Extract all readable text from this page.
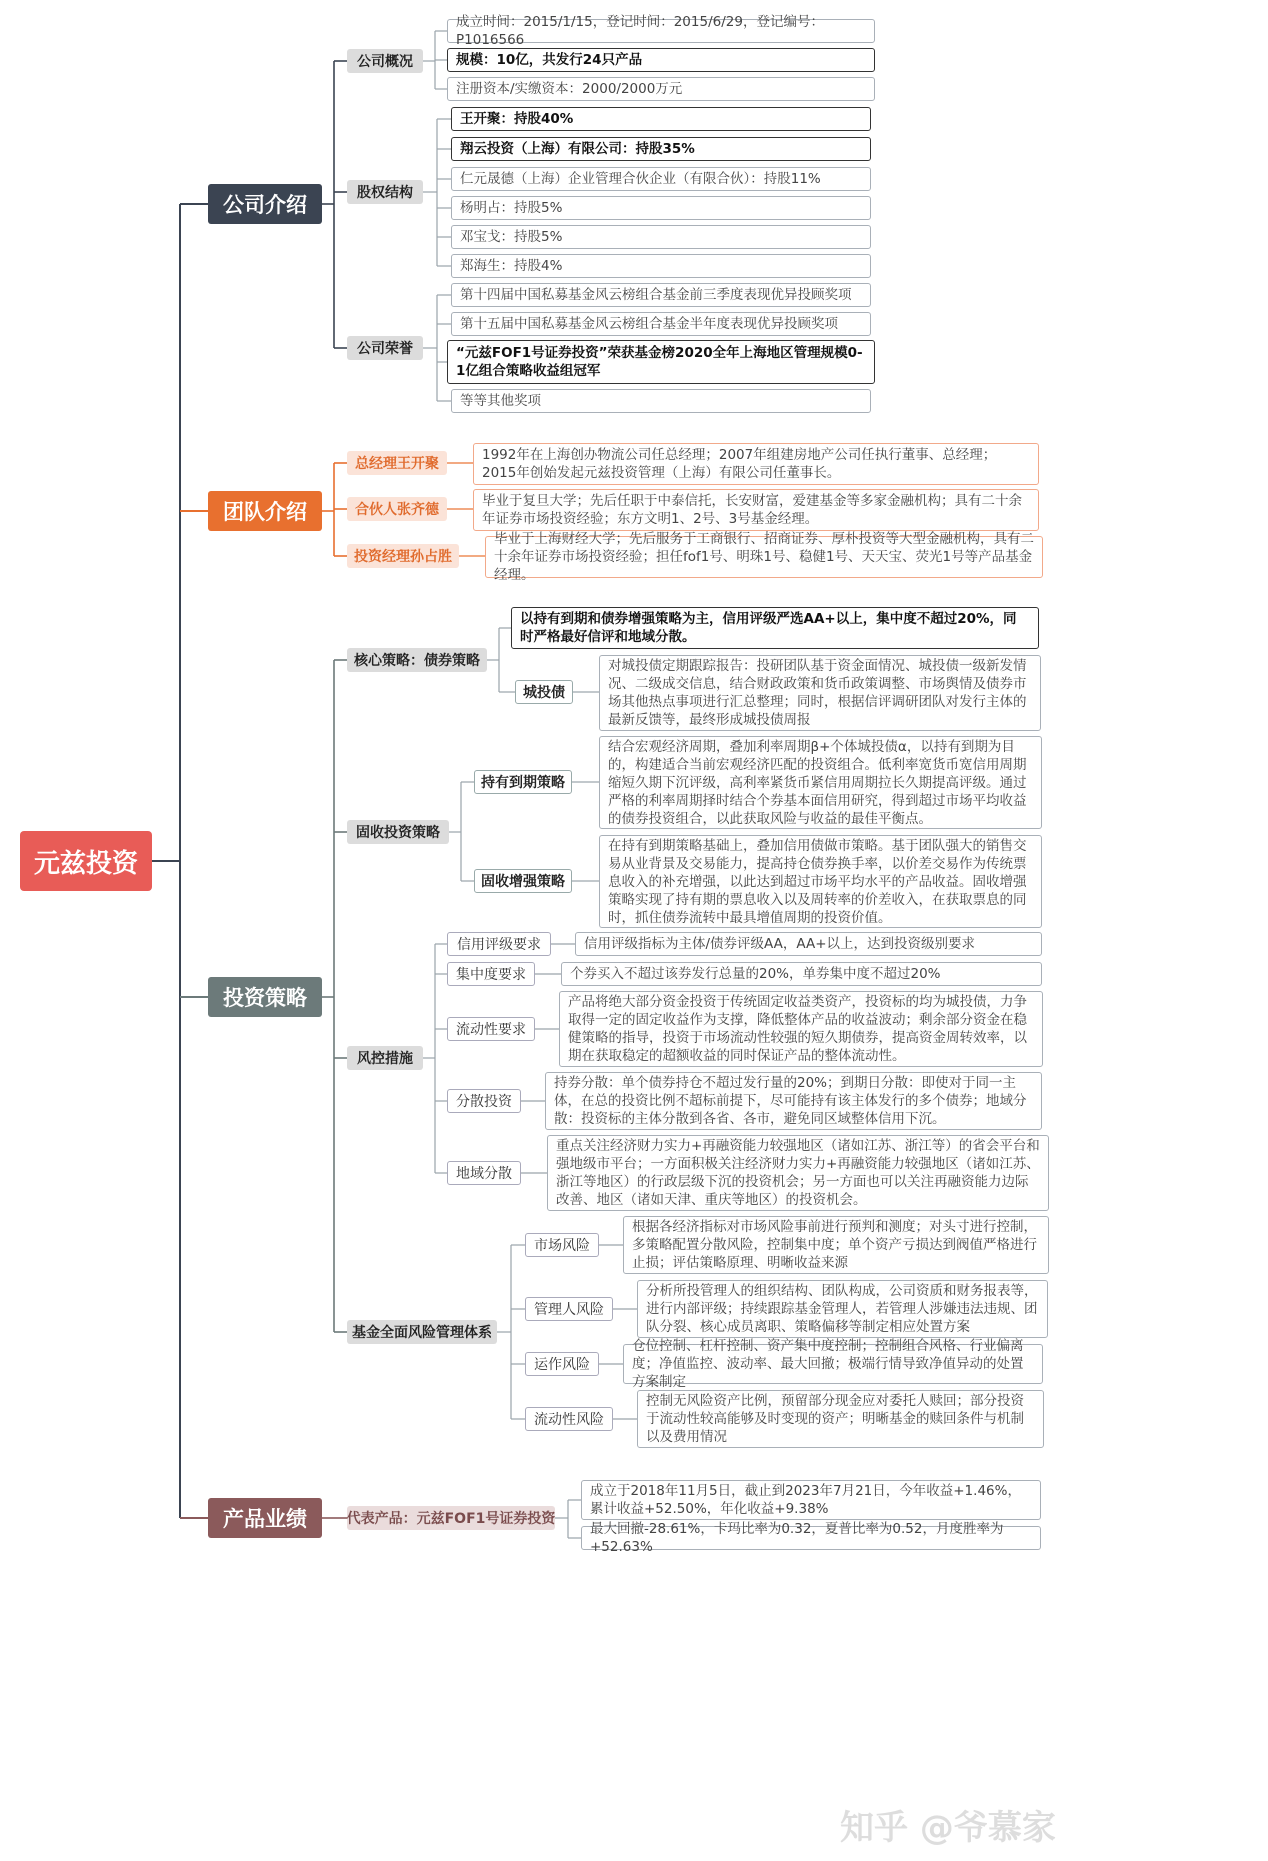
元兹投资
公司介绍
公司概况
成立时间：2015/1/15，登记时间：2015/6/29，登记编号：P1016566
规模：10亿，共发行24只产品
注册资本/实缴资本：2000/2000万元
股权结构
王开聚：持股40%
翔云投资（上海）有限公司：持股35%
仁元晟德（上海）企业管理合伙企业（有限合伙）：持股11%
杨明占：持股5%
邓宝戈：持股5%
郑海生：持股4%
公司荣誉
第十四届中国私募基金风云榜组合基金前三季度表现优异投顾奖项
第十五届中国私募基金风云榜组合基金半年度表现优异投顾奖项
“元兹FOF1号证券投资”荣获基金榜2020全年上海地区管理规模0-1亿组合策略收益组冠军
等等其他奖项
团队介绍
总经理王开聚
1992年在上海创办物流公司任总经理；2007年组建房地产公司任执行董事、总经理；2015年创始发起元兹投资管理（上海）有限公司任董事长。
合伙人张齐德
毕业于复旦大学；先后任职于中泰信托，长安财富，爱建基金等多家金融机构；具有二十余年证券市场投资经验；东方文明1、2号、3号基金经理。
投资经理孙占胜
毕业于上海财经大学；先后服务于工商银行、招商证券、厚朴投资等大型金融机构，具有二十余年证券市场投资经验；担任fof1号、明珠1号、稳健1号、天天宝、荧光1号等产品基金经理。
投资策略
核心策略：债券策略
以持有到期和债券增强策略为主，信用评级严选AA+以上，集中度不超过20%，同时严格最好信评和地域分散。
城投债
对城投债定期跟踪报告：投研团队基于资金面情况、城投债一级新发情况、二级成交信息，结合财政政策和货币政策调整、市场舆情及债券市场其他热点事项进行汇总整理；同时，根据信评调研团队对发行主体的最新反馈等，最终形成城投债周报
固收投资策略
持有到期策略
结合宏观经济周期，叠加利率周期β+个体城投债α，以持有到期为目的，构建适合当前宏观经济匹配的投资组合。低利率宽货币宽信用周期缩短久期下沉评级，高利率紧货币紧信用周期拉长久期提高评级。通过严格的利率周期择时结合个券基本面信用研究，得到超过市场平均收益的债券投资组合，以此获取风险与收益的最佳平衡点。
固收增强策略
在持有到期策略基础上，叠加信用债做市策略。基于团队强大的销售交易从业背景及交易能力，提高持仓债券换手率，以价差交易作为传统票息收入的补充增强，以此达到超过市场平均水平的产品收益。固收增强策略实现了持有期的票息收入以及周转率的价差收入，在获取票息的同时，抓住债券流转中最具增值周期的投资价值。
风控措施
信用评级要求	信用评级指标为主体/债券评级AA，AA+以上，达到投资级别要求
集中度要求	个券买入不超过该券发行总量的20%，单券集中度不超过20%
流动性要求
产品将绝大部分资金投资于传统固定收益类资产，投资标的均为城投债，力争取得一定的固定收益作为支撑，降低整体产品的收益波动；剩余部分资金在稳健策略的指导，投资于市场流动性较强的短久期债券，提高资金周转效率，以期在获取稳定的超额收益的同时保证产品的整体流动性。
分散投资
持券分散：单个债券持仓不超过发行量的20%；到期日分散：即使对于同一主体，在总的投资比例不超标前提下，尽可能持有该主体发行的多个债券；地域分散：投资标的主体分散到各省、各市，避免同区域整体信用下沉。
地域分散
重点关注经济财力实力+再融资能力较强地区（诸如江苏、浙江等）的省会平台和强地级市平台；一方面积极关注经济财力实力+再融资能力较强地区（诸如江苏、浙江等地区）的行政层级下沉的投资机会；另一方面也可以关注再融资能力边际改善、地区（诸如天津、重庆等地区）的投资机会。
基金全面风险管理体系
市场风险
根据各经济指标对市场风险事前进行预判和测度；对头寸进行控制，多策略配置分散风险，控制集中度；单个资产亏损达到阀值严格进行止损；评估策略原理、明晰收益来源
管理人风险
分析所投管理人的组织结构、团队构成，公司资质和财务报表等，进行内部评级；持续跟踪基金管理人，若管理人涉嫌违法违规、团队分裂、核心成员离职、策略偏移等制定相应处置方案
运作风险
仓位控制、杠杆控制、资产集中度控制；控制组合风格、行业偏离度；净值监控、波动率、最大回撤；极端行情导致净值异动的处置方案制定
流动性风险
控制无风险资产比例，预留部分现金应对委托人赎回；部分投资于流动性较高能够及时变现的资产；明晰基金的赎回条件与机制以及费用情况
产品业绩	代表产品：元兹FOF1号证券投资
成立于2018年11月5日，截止到2023年7月21日，今年收益+1.46%，累计收益+52.50%，年化收益+9.38%
最大回撤-28.61%，卡玛比率为0.32，夏普比率为0.52，月度胜率为+52.63%
知乎 @爷慕家
